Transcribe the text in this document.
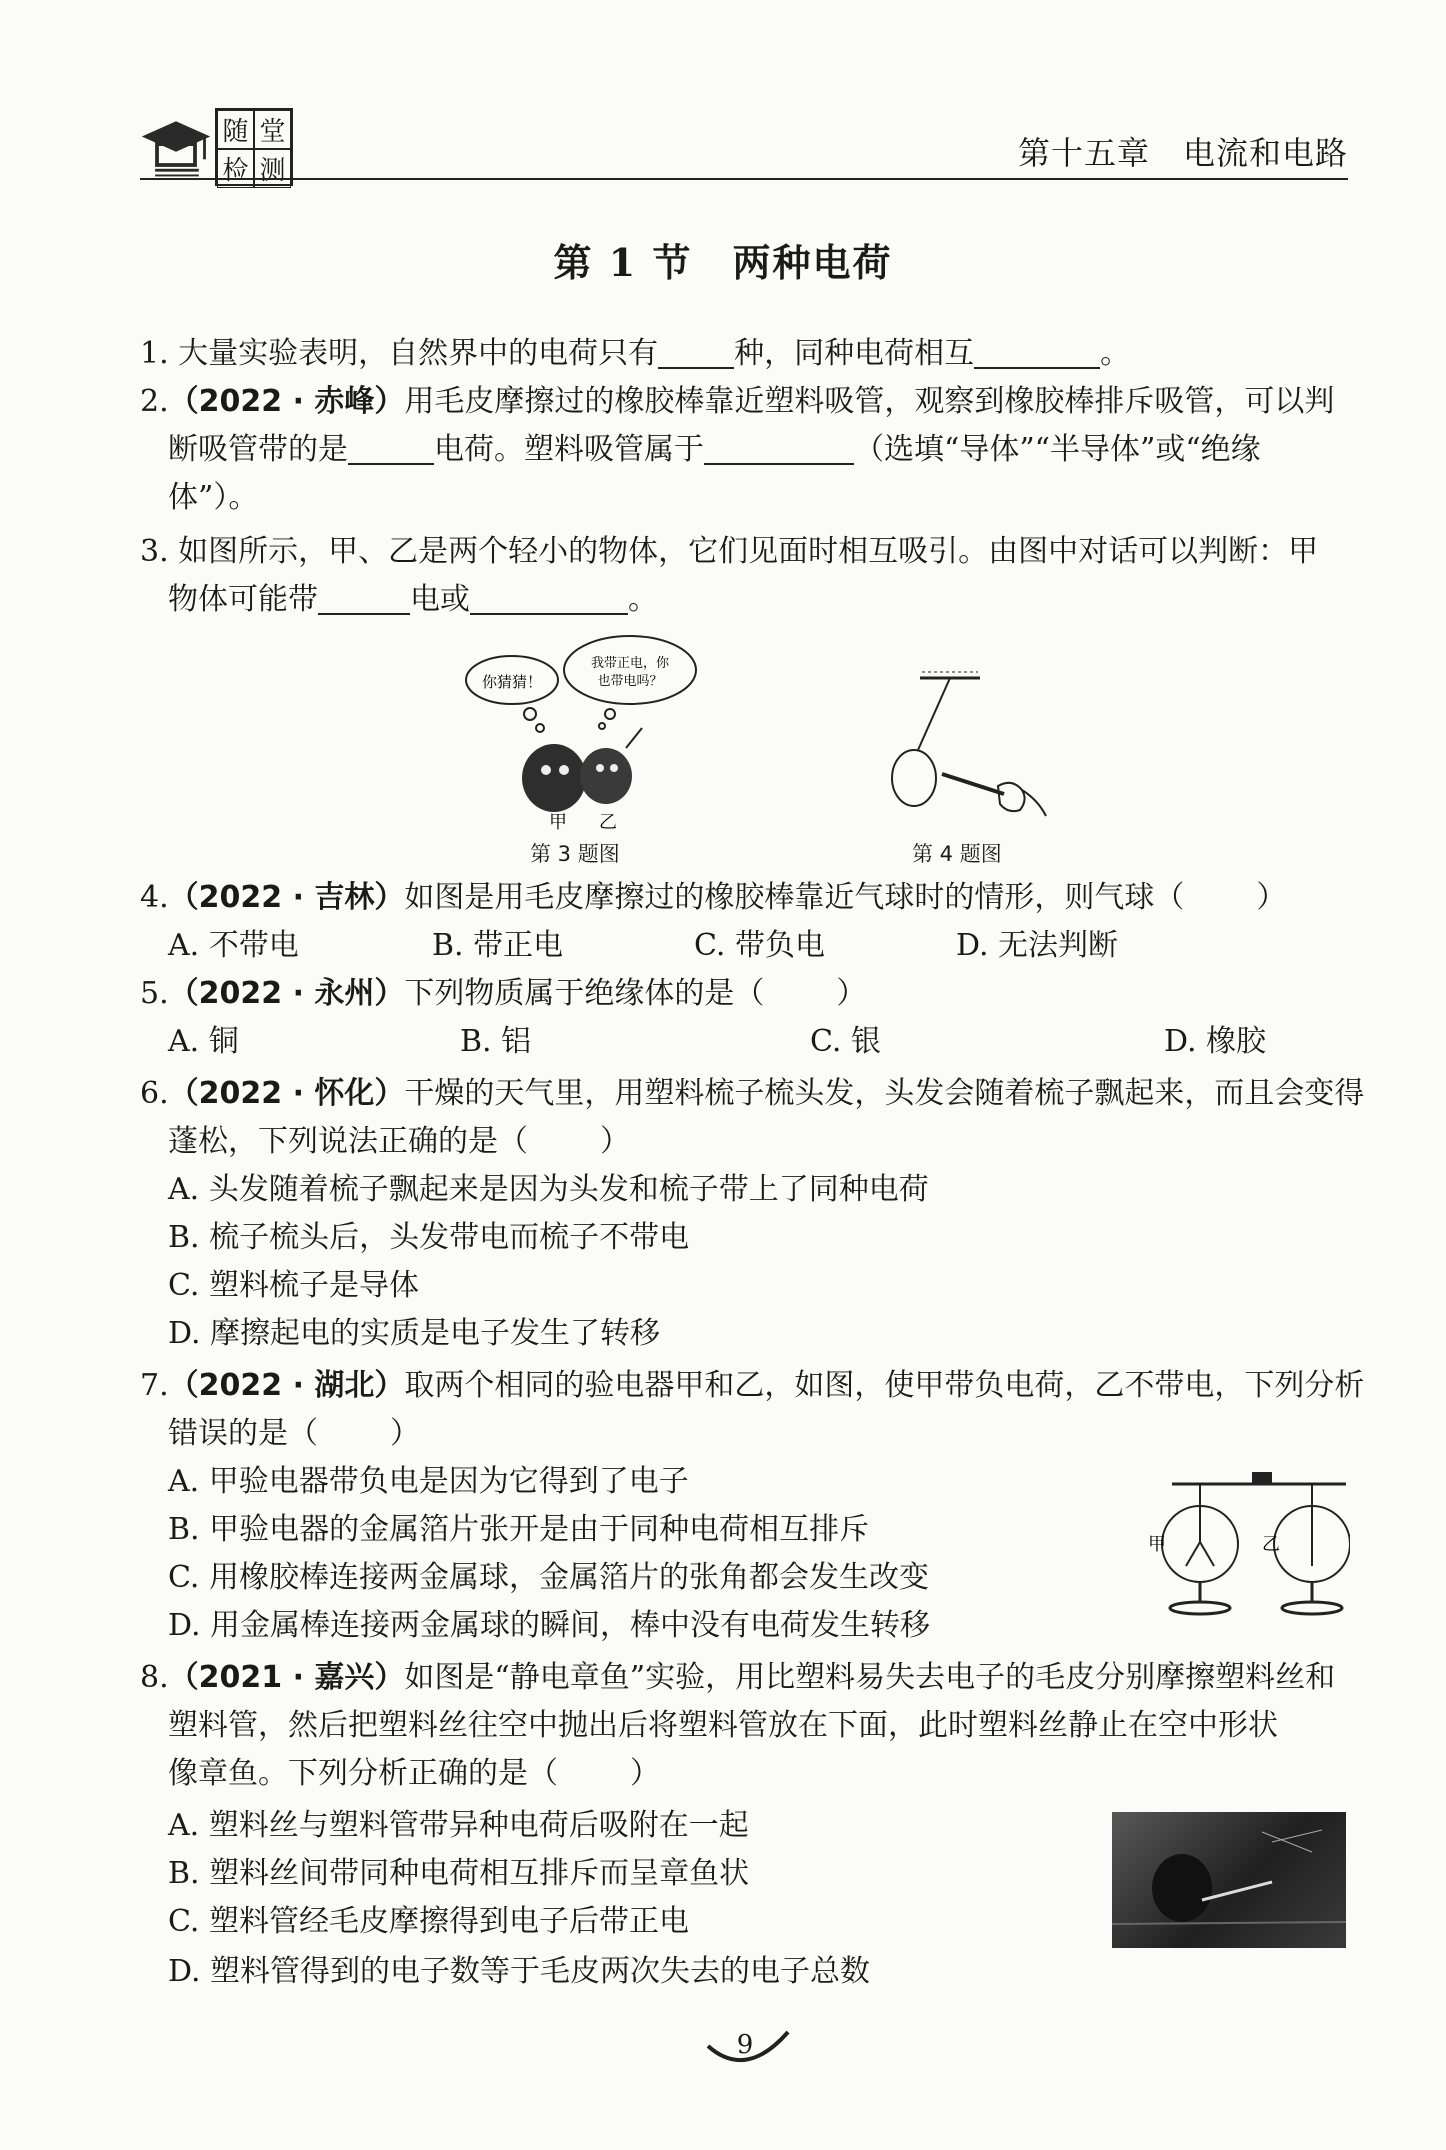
随 堂
检 测	第十五章　电流和电路
第 1 节　两种电荷
1. 大量实验表明，自然界中的电荷只有	种，同种电荷相互	。
2.（2022 · 赤峰）用毛皮摩擦过的橡胶棒靠近塑料吸管，观察到橡胶棒排斥吸管，可以判
断吸管带的是	电荷。塑料吸管属于	（选填“导体”“半导体”或“绝缘
体”）。
3. 如图所示，甲、乙是两个轻小的物体，它们见面时相互吸引。由图中对话可以判断：甲
物体可能带	电或	。
你猜猜！
我带正电，你
也带电吗？
甲 乙
第 3 题图	第 4 题图
4.（2022 · 吉林）如图是用毛皮摩擦过的橡胶棒靠近气球时的情形，则气球（ ）
A. 不带电	B. 带正电	C. 带负电	D. 无法判断
5.（2022 · 永州）下列物质属于绝缘体的是（ ）
A. 铜	B. 铝	C. 银	D. 橡胶
6.（2022 · 怀化）干燥的天气里，用塑料梳子梳头发，头发会随着梳子飘起来，而且会变得
蓬松，下列说法正确的是（ ）
A. 头发随着梳子飘起来是因为头发和梳子带上了同种电荷
B. 梳子梳头后，头发带电而梳子不带电
C. 塑料梳子是导体
D. 摩擦起电的实质是电子发生了转移
7.（2022 · 湖北）取两个相同的验电器甲和乙，如图，使甲带负电荷，乙不带电，下列分析
错误的是（ ）
A. 甲验电器带负电是因为它得到了电子
B. 甲验电器的金属箔片张开是由于同种电荷相互排斥
C. 用橡胶棒连接两金属球，金属箔片的张角都会发生改变
D. 用金属棒连接两金属球的瞬间，棒中没有电荷发生转移
甲	乙
8.（2021 · 嘉兴）如图是“静电章鱼”实验，用比塑料易失去电子的毛皮分别摩擦塑料丝和
塑料管，然后把塑料丝往空中抛出后将塑料管放在下面，此时塑料丝静止在空中形状
像章鱼。下列分析正确的是（ ）
A. 塑料丝与塑料管带异种电荷后吸附在一起
B. 塑料丝间带同种电荷相互排斥而呈章鱼状
C. 塑料管经毛皮摩擦得到电子后带正电
D. 塑料管得到的电子数等于毛皮两次失去的电子总数
9
